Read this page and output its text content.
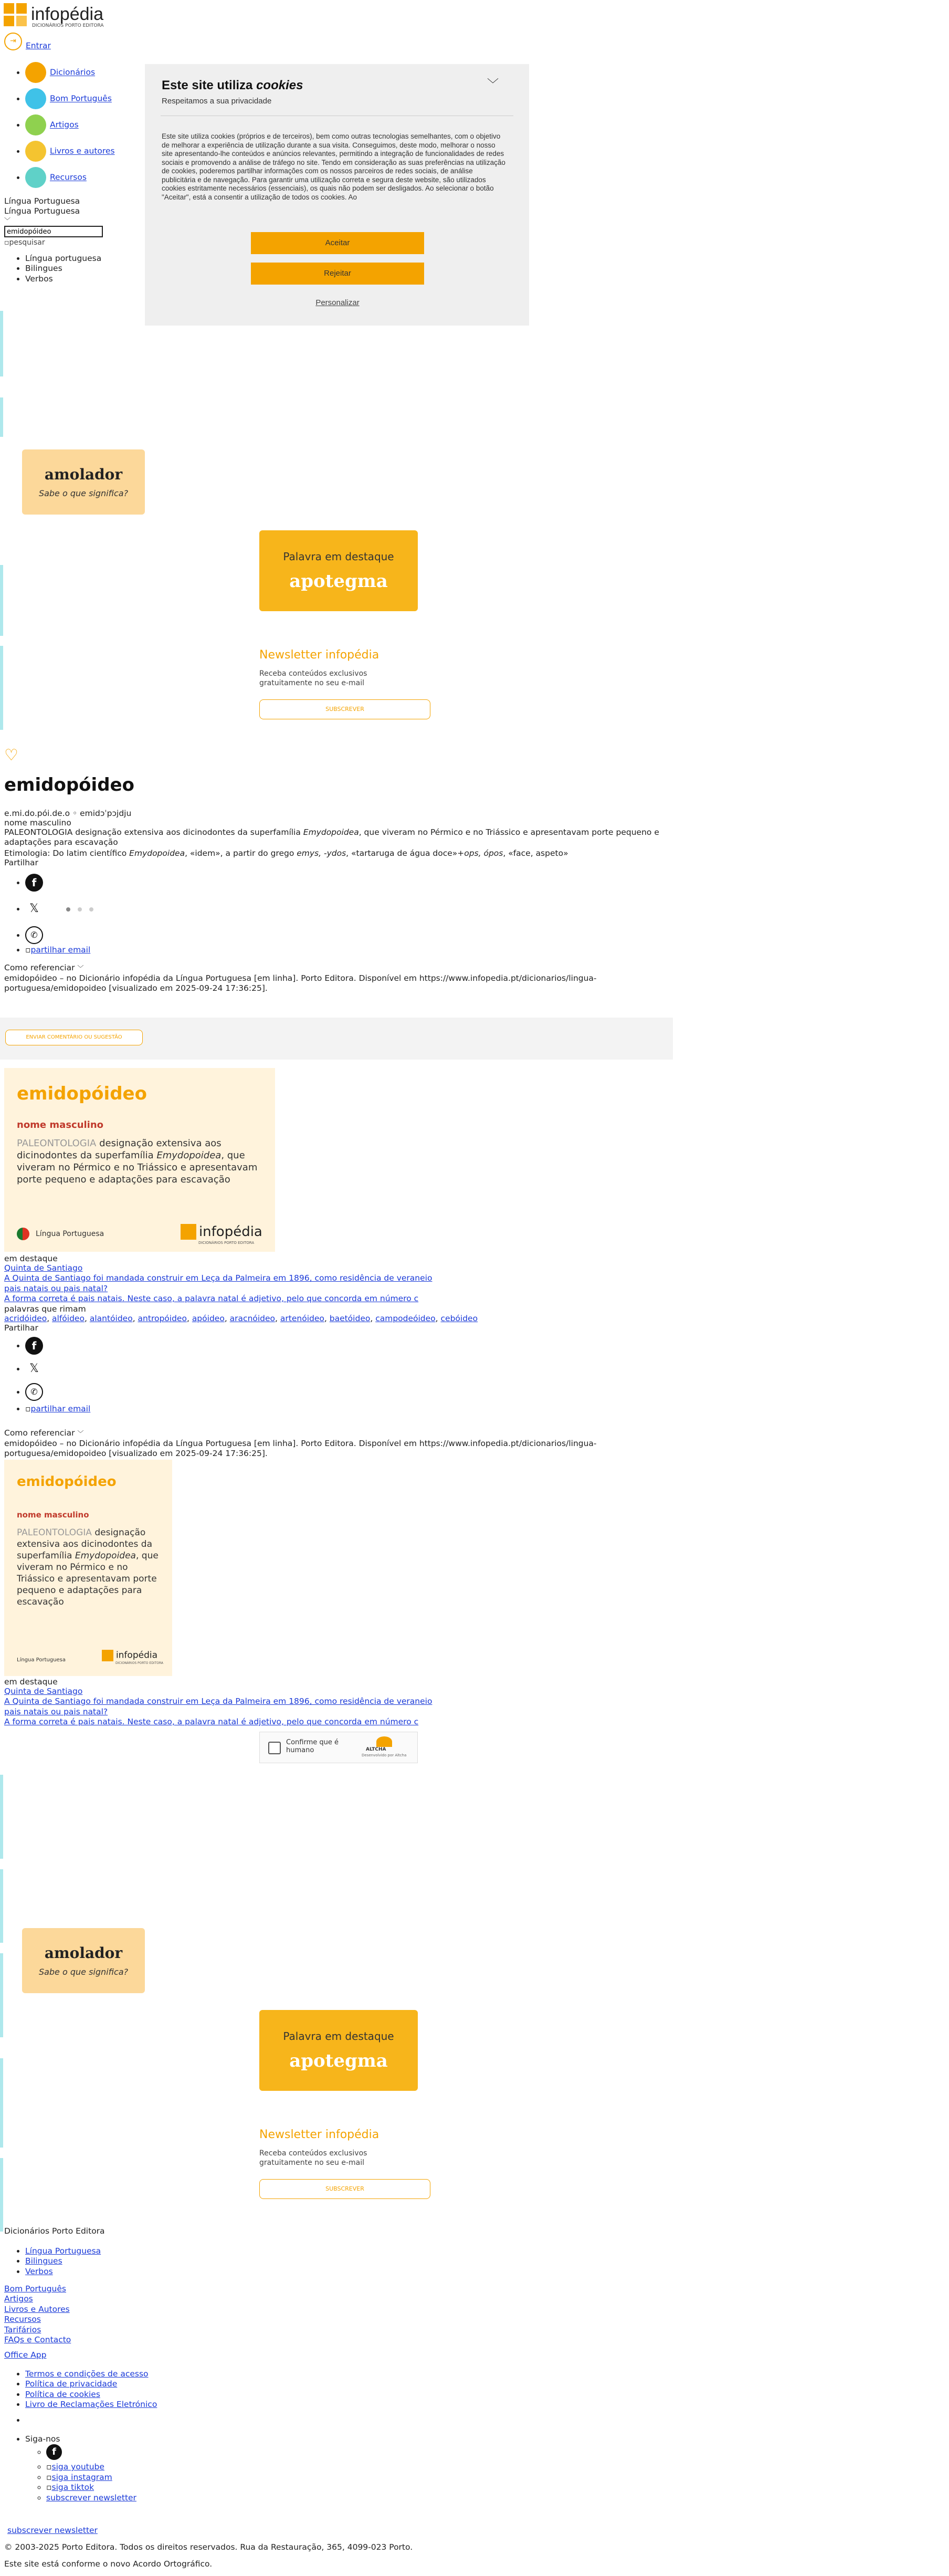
infopédia
DICIONÁRIOS PORTO EDITORA
⇥ Entrar
• Dicionários
• Bom Português
• Artigos
• Livros e autores
• Recursos
Língua Portuguesa
Língua Portuguesa
﹀
emidopóideo
▫pesquisar
• Língua portuguesa
• Bilingues
• Verbos
Este site utiliza cookies
Respeitamos a sua privacidade
﹀
Este site utiliza cookies (próprios e de terceiros), bem como outras tecnologias semelhantes, com o objetivo de melhorar a experiência de utilização durante a sua visita. Conseguimos, deste modo, melhorar o nosso site apresentando-lhe conteúdos e anúncios relevantes, permitindo a integração de funcionalidades de redes sociais e promovendo a análise de tráfego no site. Tendo em consideração as suas preferências na utilização de cookies, poderemos partilhar informações com os nossos parceiros de redes sociais, de análise publicitária e de navegação. Para garantir uma utilização correta e segura deste website, são utilizados cookies estritamente necessários (essenciais), os quais não podem ser desligados. Ao selecionar o botão "Aceitar", está a consentir a utilização de todos os cookies. Ao
Aceitar
Rejeitar
Personalizar
amolador
Sabe o que significa?
Palavra em destaque
apotegma
Newsletter infopédia
Receba conteúdos exclusivos gratuitamente no seu e-mail
SUBSCREVER
♡
emidopóideo
e.mi.do.pói.de.o ◦ emidɔˈpɔjdju
nome masculino
PALEONTOLOGIA designação extensiva aos dicinodontes da superfamília Emydopoidea, que viveram no Pérmico e no Triássico e apresentavam porte pequeno e adaptações para escavação
Etimologia: Do latim científico Emydopoidea, «idem», a partir do grego emys, -ydos, «tartaruga de água doce»+ops, ópos, «face, aspeto»
Partilhar
• f
• 𝕏
• ✆
• ▫partilhar email
Como referenciar ﹀
emidopóideo – no Dicionário infopédia da Língua Portuguesa [em linha]. Porto Editora. Disponível em https://www.infopedia.pt/dicionarios/lingua-portuguesa/emidopoideo [visualizado em 2025-09-24 17:36:25].
ENVIAR COMENTÁRIO OU SUGESTÃO
emidopóideo
nome masculino
PALEONTOLOGIA designação extensiva aos dicinodontes da superfamília Emydopoidea, que viveram no Pérmico e no Triássico e apresentavam porte pequeno e adaptações para escavação
Língua Portuguesa	infopédia
DICIONÁRIOS PORTO EDITORA
em destaque
Quinta de Santiago
A Quinta de Santiago foi mandada construir em Leça da Palmeira em 1896, como residência de veraneio
pais natais ou pais natal?
A forma correta é pais natais. Neste caso, a palavra natal é adjetivo, pelo que concorda em número c
palavras que rimam
acridóideo, alfóideo, alantóideo, antropóideo, apóideo, aracnóideo, artenóideo, baetóideo, campodeóideo, cebóideo
Partilhar
• f
• 𝕏
• ✆
• ▫partilhar email
Como referenciar ﹀
emidopóideo – no Dicionário infopédia da Língua Portuguesa [em linha]. Porto Editora. Disponível em https://www.infopedia.pt/dicionarios/lingua-portuguesa/emidopoideo [visualizado em 2025-09-24 17:36:25].
emidopóideo
nome masculino
PALEONTOLOGIA designação extensiva aos dicinodontes da superfamília Emydopoidea, que viveram no Pérmico e no Triássico e apresentavam porte pequeno e adaptações para escavação
Língua Portuguesa	infopédia
DICIONÁRIOS PORTO EDITORA
em destaque
Quinta de Santiago
A Quinta de Santiago foi mandada construir em Leça da Palmeira em 1896, como residência de veraneio
pais natais ou pais natal?
A forma correta é pais natais. Neste caso, a palavra natal é adjetivo, pelo que concorda em número c
Confirme que é humano	ALTCHA
Desenvolvido por Altcha
amolador
Sabe o que significa?
Palavra em destaque
apotegma
Newsletter infopédia
Receba conteúdos exclusivos gratuitamente no seu e-mail
SUBSCREVER
Dicionários Porto Editora
• Língua Portuguesa
• Bilingues
• Verbos
Bom Português
Artigos
Livros e Autores
Recursos
Tarifários
FAQs e Contacto
Office App
• Termos e condições de acesso
• Política de privacidade
• Política de cookies
• Livro de Reclamações Eletrónico
•
• Siga-nos
◦ f
◦ ▫siga youtube
◦ ▫siga instagram
◦ ▫siga tiktok
◦ subscrever newsletter
subscrever newsletter
© 2003-2025 Porto Editora. Todos os direitos reservados. Rua da Restauração, 365, 4099-023 Porto.
Este site está conforme o novo Acordo Ortográfico.
